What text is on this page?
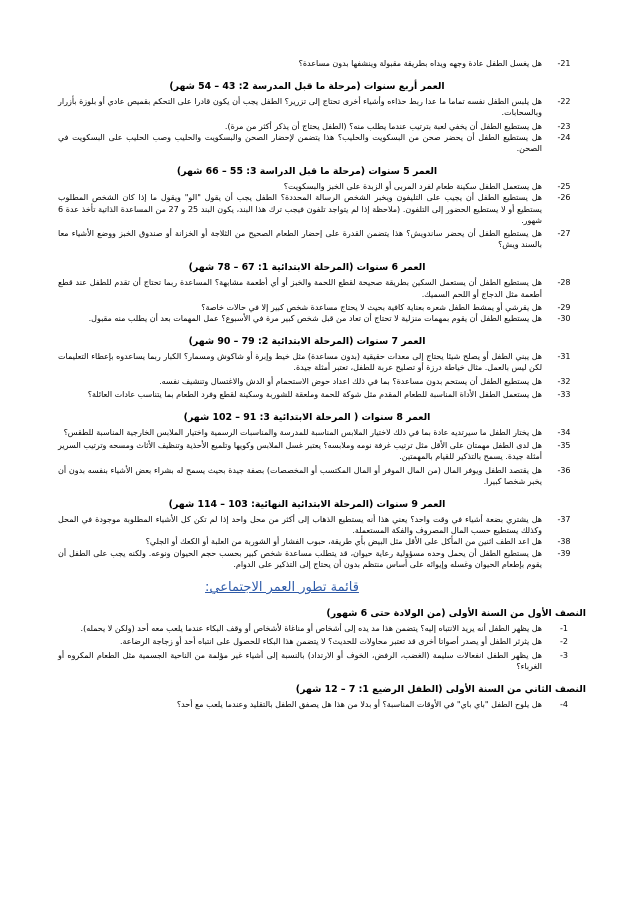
-21
هل يغسل الطفل عادة وجهه ويداه بطريقة مقبولة وينشفها بدون مساعدة؟
العمر أربع سنوات (مرحلة ما قبل المدرسة 2: 43 – 54 شهر)
-22
هل يلبس الطفل نفسه تماما ما عدا ربط حذاءه وأشياء أخرى تحتاج إلى تزرير؟ الطفل يجب أن يكون قادرا على التحكم بقميص عادي أو بلوزة بأزرار وبالسحابات.
-23
هل يستطيع الطفل أن يخفي لعبة بترتيب عندما يطلب منه؟ (الطفل يحتاج أن يذكر أكثر من مرة).
-24
هل يستطيع الطفل أن يحضر صحن من البسكويت والحليب؟ هذا يتضمن لإحضار الصحن والبسكويت والحليب وصب الحليب على البسكويت في الصحن.
العمر 5 سنوات (مرحلة ما قبل الدراسة 3: 55 – 66 شهر)
-25
هل يستعمل الطفل سكينة طعام لفرد المربى أو الزبدة على الخبز والبسكويت؟
-26
هل يستطيع الطفل أن يجيب على التليفون ويخبر الشخص الرسالة المحددة؟ الطفل يجب أن يقول "الو" ويقول ما إذا كان الشخص المطلوب يستطيع أو لا يستطيع الحضور إلى التلفون. (ملاحظة إذا لم يتواجد تلفون فيجب ترك هذا البند، يكون البند 25 و 27 من المساعدة الذاتية تأخذ عدة 6 شهور.
-27
هل يستطيع الطفل أن يحضر ساندويش؟ هذا يتضمن القدرة على إحضار الطعام الصحيح من الثلاجة أو الخزانة أو صندوق الخبز ووضع الأشياء معا بالسند ويش؟
العمر 6 سنوات (المرحلة الابتدائية 1: 67 – 78 شهر)
-28
هل يستطيع الطفل أن يستعمل السكين بطريقة صحيحة لقطع اللحمة والخبز أو أي أطعمة مشابهة؟ المساعدة ربما تحتاج أن تقدم للطفل عند قطع أطعمة مثل الدجاج أو اللحم السميك.
-29
هل يقرشي أو يمشط الطفل شعره بعناية كافية بحيث لا يحتاج مساعدة شخص كبير إلا في حالات خاصة؟
-30
هل يستطيع الطفل أن يقوم بمهمات منزلية لا تحتاج أن تعاد من قبل شخص كبير مرة في الأسبوع؟ عمل المهمات بعد أن يطلب منه مقبول.
العمر 7 سنوات (المرحلة الابتدائية 2: 79 – 90 شهر)
-31
هل يبني الطفل أو يصلح شيئا يحتاج إلى معدات حقيقية (بدون مساعدة) مثل خيط وإبرة أو شاكوش ومسمار؟ الكبار ربما يساعدوه بإعطاء التعليمات لكن ليس بالعمل. مثال خياطة درزة أو تصليح عربة للطفل، تعتبر أمثلة جيدة.
-32
هل يستطيع الطفل أن يستحم بدون مساعدة؟ بما في ذلك اعداد حوض الاستحمام أو الدش والاغتسال وتنشيف نفسه.
-33
هل يستعمل الطفل الأداة المناسبة للطعام المقدم مثل شوكة للحمة وملعقة للشوربة وسكينة لقطع وفرد الطعام بما يتناسب عادات العائلة؟
العمر 8 سنوات ( المرحلة الابتدائية 3: 91 – 102 شهر)
-34
هل يختار الطفل ما سيرتديه عادة بما في ذلك لاختيار الملابس المناسبة للمدرسة والمناسبات الرسمية واختيار الملابس الخارجية المناسبة للطقس؟
-35
هل لدى الطفل مهمتان على الأقل مثل ترتيب غرفة نومه وملابسه؟ يعتبر غسل الملابس وكويها وتلميع الأحذية وتنظيف الأثاث ومسحه وترتيب السرير أمثلة جيدة. يسمح بالتذكير للقيام بالمهمتين.
-36
هل يقتصد الطفل ويوفر المال (من المال الموفر أو المال المكتسب أو المخصصات) بصفة جيدة بحيث يسمح له بشراء بعض الأشياء بنفسه بدون أن يخبر شخصا كبيرا.
العمر 9 سنوات (المرحلة الابتدائية النهائية: 103 – 114 شهر)
-37
هل يشتري بضعة أشياء في وقت واحد؟ يعني هذا أنه يستطيع الذهاب إلى أكثر من محل واحد إذا لم تكن كل الأشياء المطلوبة موجودة في المحل وكذلك يستطيع حسب المال المصروف والفكة المستعملة.
-38
هل اعد الطف اثنين من المأكل على الأقل مثل البيض بأي طريقة، حبوب الفشار أو الشوربة من العلبة أو الكعك أو الجلي؟
-39
هل يستطيع الطفل أن يحمل وحده مسؤولية رعاية حيوان، قد يتطلب مساعدة شخص كبير بحسب حجم الحيوان ونوعه. ولكنه يجب على الطفل أن يقوم بإطعام الحيوان وغسله وإيوائه على أساس منتظم بدون أن يحتاج إلى التذكير على الدوام.
قائمة تطور العمر الاجتماعي:
النصف الأول من السنة الأولى (من الولادة حتى 6 شهور)
-1
هل يظهر الطفل أنه يريد الانتباه إليه؟ يتضمن هذا مد يده إلى أشخاص أو مناغاة لأشخاص أو وقف البكاء عندما يلعب معه أحد (ولكن لا يحمله).
-2
هل يثرثر الطفل أو يصدر أصواتا أخرى قد تعتبر محاولات للحديث؟ لا يتضمن هذا البكاء للحصول على انتباه أحد أو زجاجة الرضاعة.
-3
هل يظهر الطفل انفعالات سليمة (الغضب، الرفض، الخوف أو الارتداد) بالنسبة إلى أشياء غير مؤلمة من الناحية الجسمية مثل الطعام المكروه أو الغرباء؟
النصف الثاني من السنة الأولى (الطفل الرضيع 1: 7 – 12 شهر)
-4
هل يلوح الطفل "باي باي" في الأوقات المناسبة؟ أو بدلا من هذا هل يصفق الطفل بالتقليد وعندما يلعب مع أحد؟
